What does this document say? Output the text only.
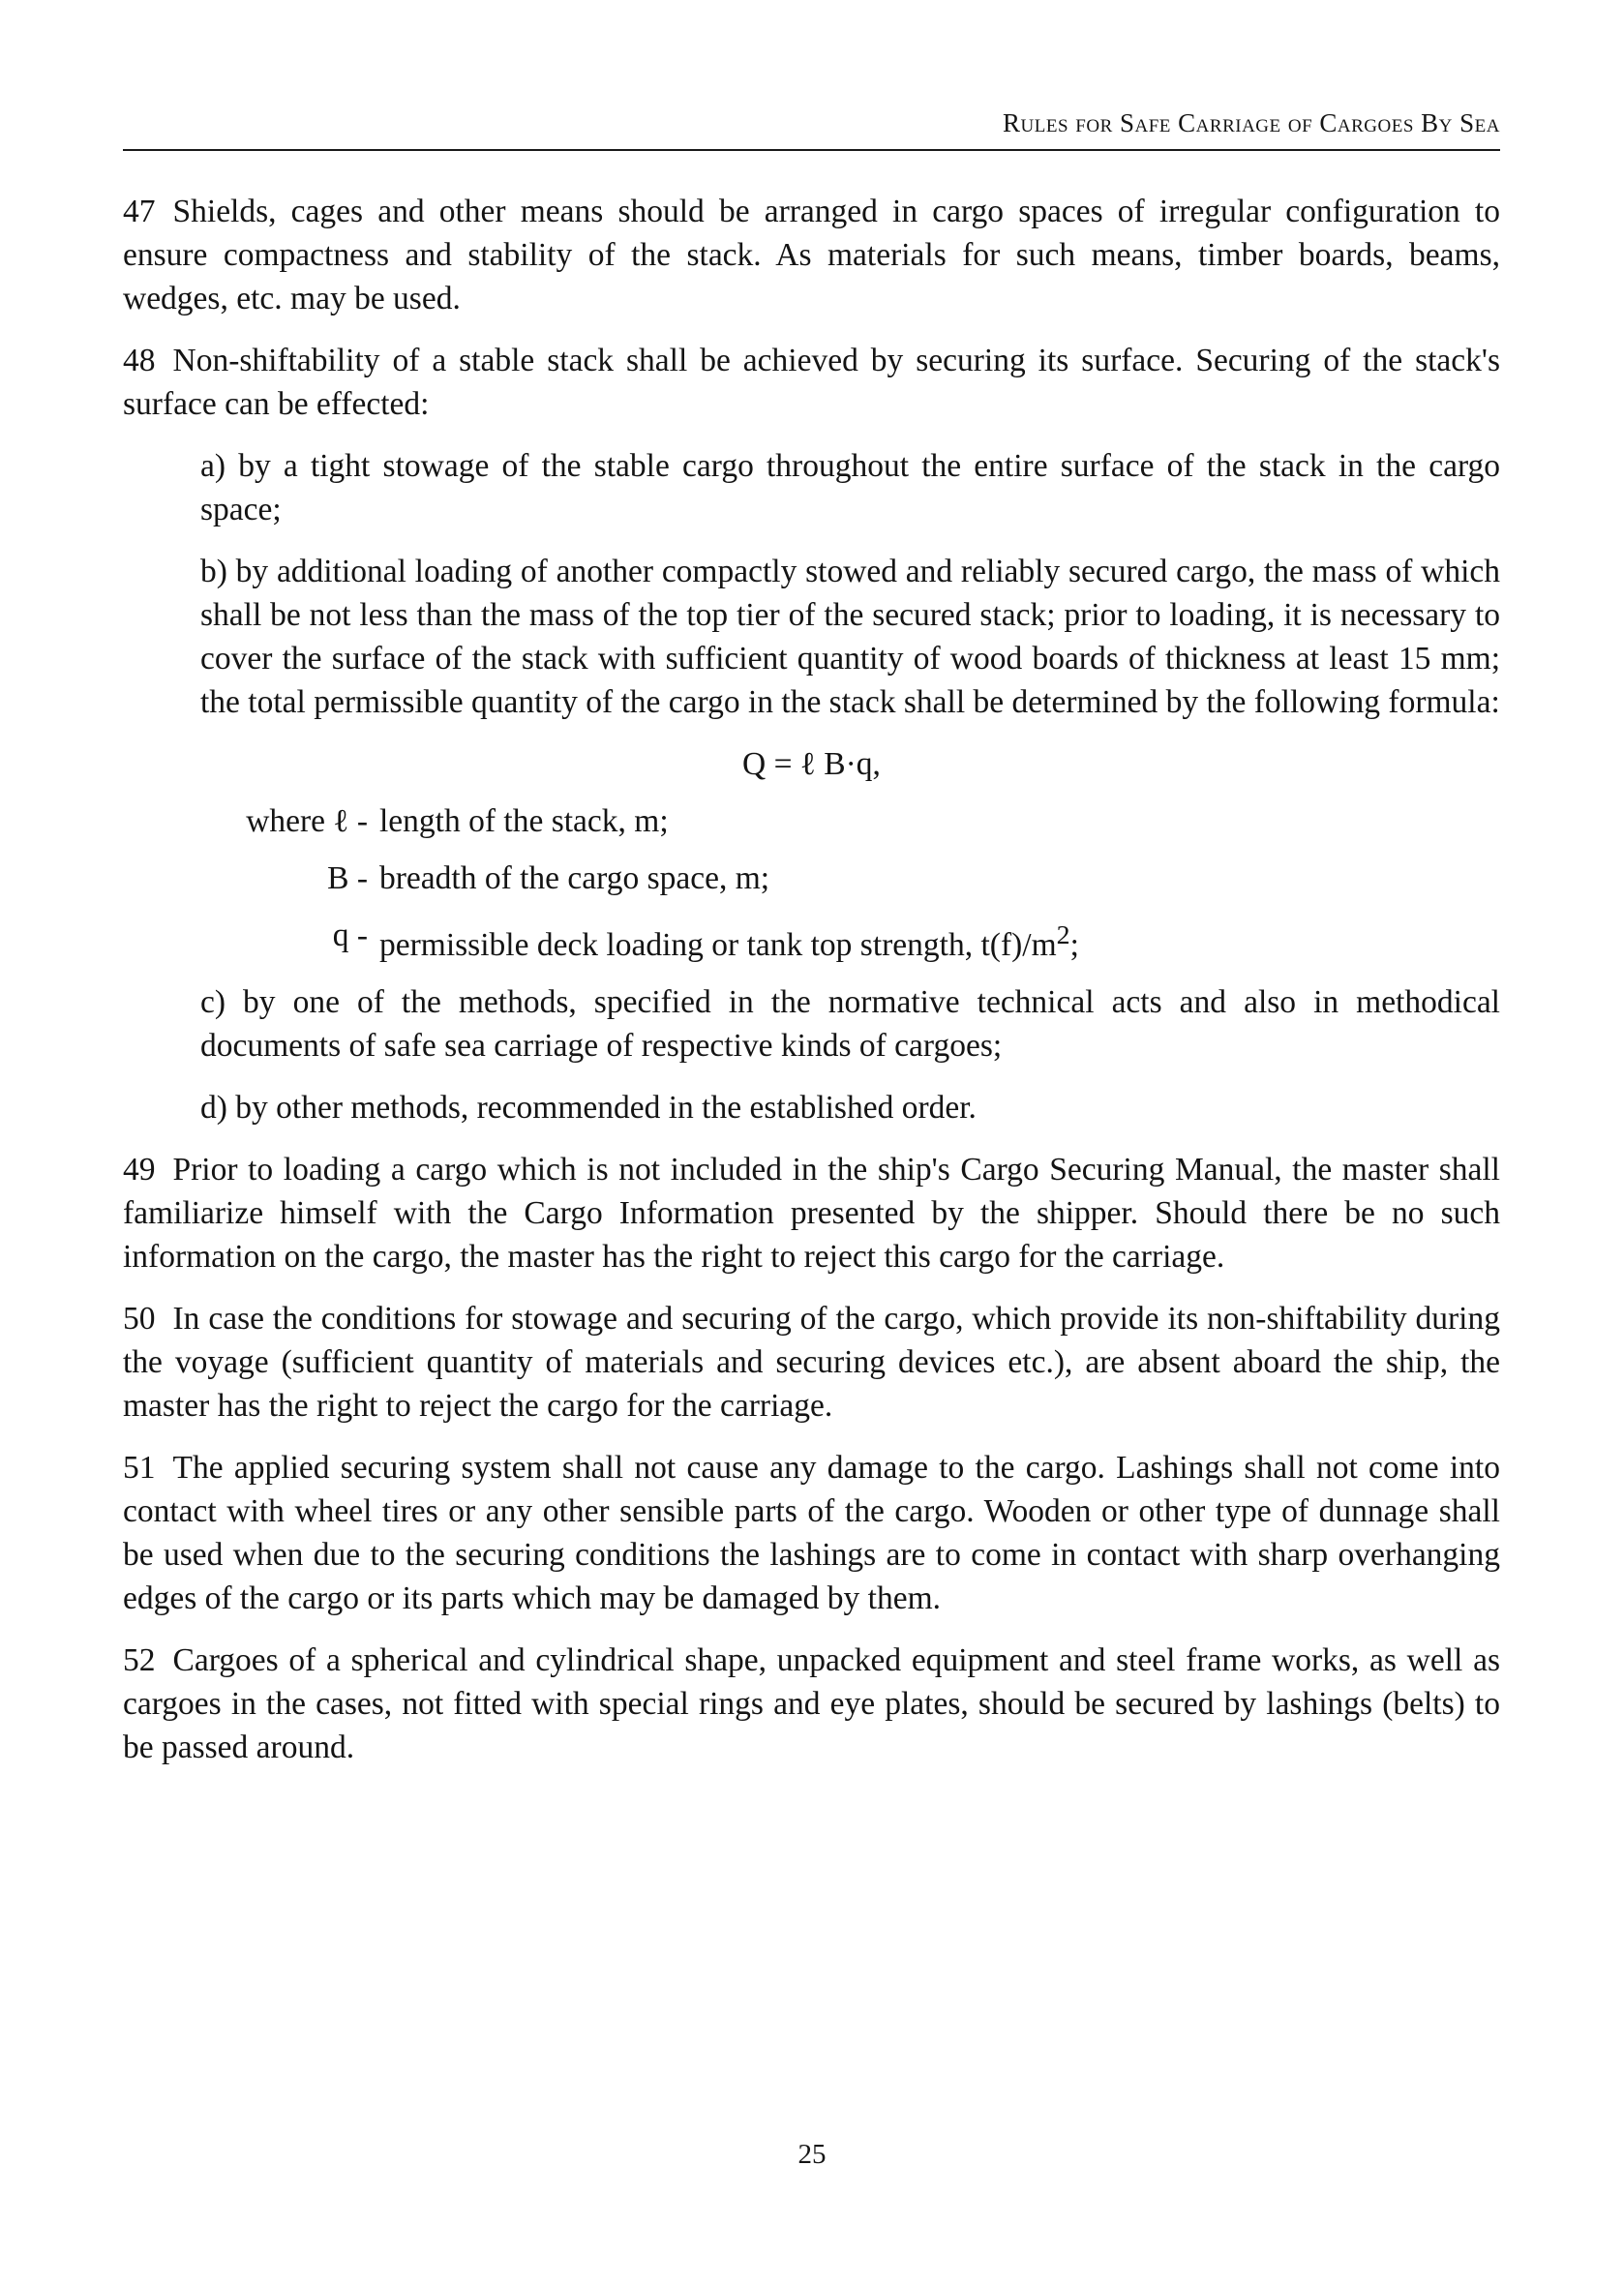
Rules for Safe Carriage of Cargoes By Sea

47 Shields, cages and other means should be arranged in cargo spaces of irregular configuration to ensure compactness and stability of the stack. As materials for such means, timber boards, beams, wedges, etc. may be used.

48 Non-shiftability of a stable stack shall be achieved by securing its surface. Securing of the stack's surface can be effected:

a) by a tight stowage of the stable cargo throughout the entire surface of the stack in the cargo space;

b) by additional loading of another compactly stowed and reliably secured cargo, the mass of which shall be not less than the mass of the top tier of the secured stack; prior to loading, it is necessary to cover the surface of the stack with sufficient quantity of wood boards of thickness at least 15 mm; the total permissible quantity of the cargo in the stack shall be determined by the following formula:

Q = ℓ B·q,
where ℓ - length of the stack, m;
B - breadth of the cargo space, m;
q - permissible deck loading or tank top strength, $t(f)/m^2$;

c) by one of the methods, specified in the normative technical acts and also in methodical documents of safe sea carriage of respective kinds of cargoes;

d) by other methods, recommended in the established order.

49 Prior to loading a cargo which is not included in the ship's Cargo Securing Manual, the master shall familiarize himself with the Cargo Information presented by the shipper. Should there be no such information on the cargo, the master has the right to reject this cargo for the carriage.

50 In case the conditions for stowage and securing of the cargo, which provide its non-shiftability during the voyage (sufficient quantity of materials and securing devices etc.), are absent aboard the ship, the master has the right to reject the cargo for the carriage.

51 The applied securing system shall not cause any damage to the cargo. Lashings shall not come into contact with wheel tires or any other sensible parts of the cargo. Wooden or other type of dunnage shall be used when due to the securing conditions the lashings are to come in contact with sharp overhanging edges of the cargo or its parts which may be damaged by them.

52 Cargoes of a spherical and cylindrical shape, unpacked equipment and steel frame works, as well as cargoes in the cases, not fitted with special rings and eye plates, should be secured by lashings (belts) to be passed around.

25
